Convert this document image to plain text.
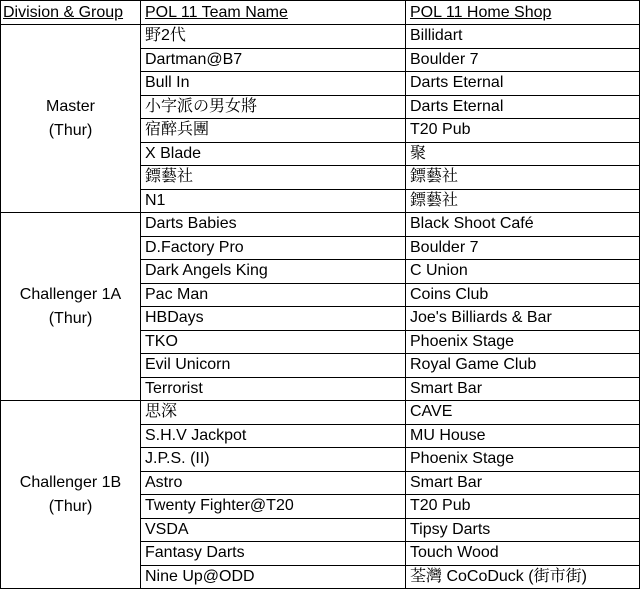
Division & Group	POL 11 Team Name	POL 11 Home Shop

Master
(Thur)	野2代	Billidart
	Dartman@B7	Boulder 7
	Bull In	Darts Eternal
	小字派の男女將	Darts Eternal
	宿醉兵團	T20 Pub
	X Blade	聚
	鏢藝社	鏢藝社
	N1	鏢藝社

Challenger 1A
(Thur)	Darts Babies	Black Shoot Café
	D.Factory Pro	Boulder 7
	Dark Angels King	C Union
	Pac Man	Coins Club
	HBDays	Joe's Billiards & Bar
	TKO	Phoenix Stage
	Evil Unicorn	Royal Game Club
	Terrorist	Smart Bar

Challenger 1B
(Thur)	思深	CAVE
	S.H.V Jackpot	MU House
	J.P.S. (II)	Phoenix Stage
	Astro	Smart Bar
	Twenty Fighter@T20	T20 Pub
	VSDA	Tipsy Darts
	Fantasy Darts	Touch Wood
	Nine Up@ODD	荃灣 CoCoDuck (街市街)
